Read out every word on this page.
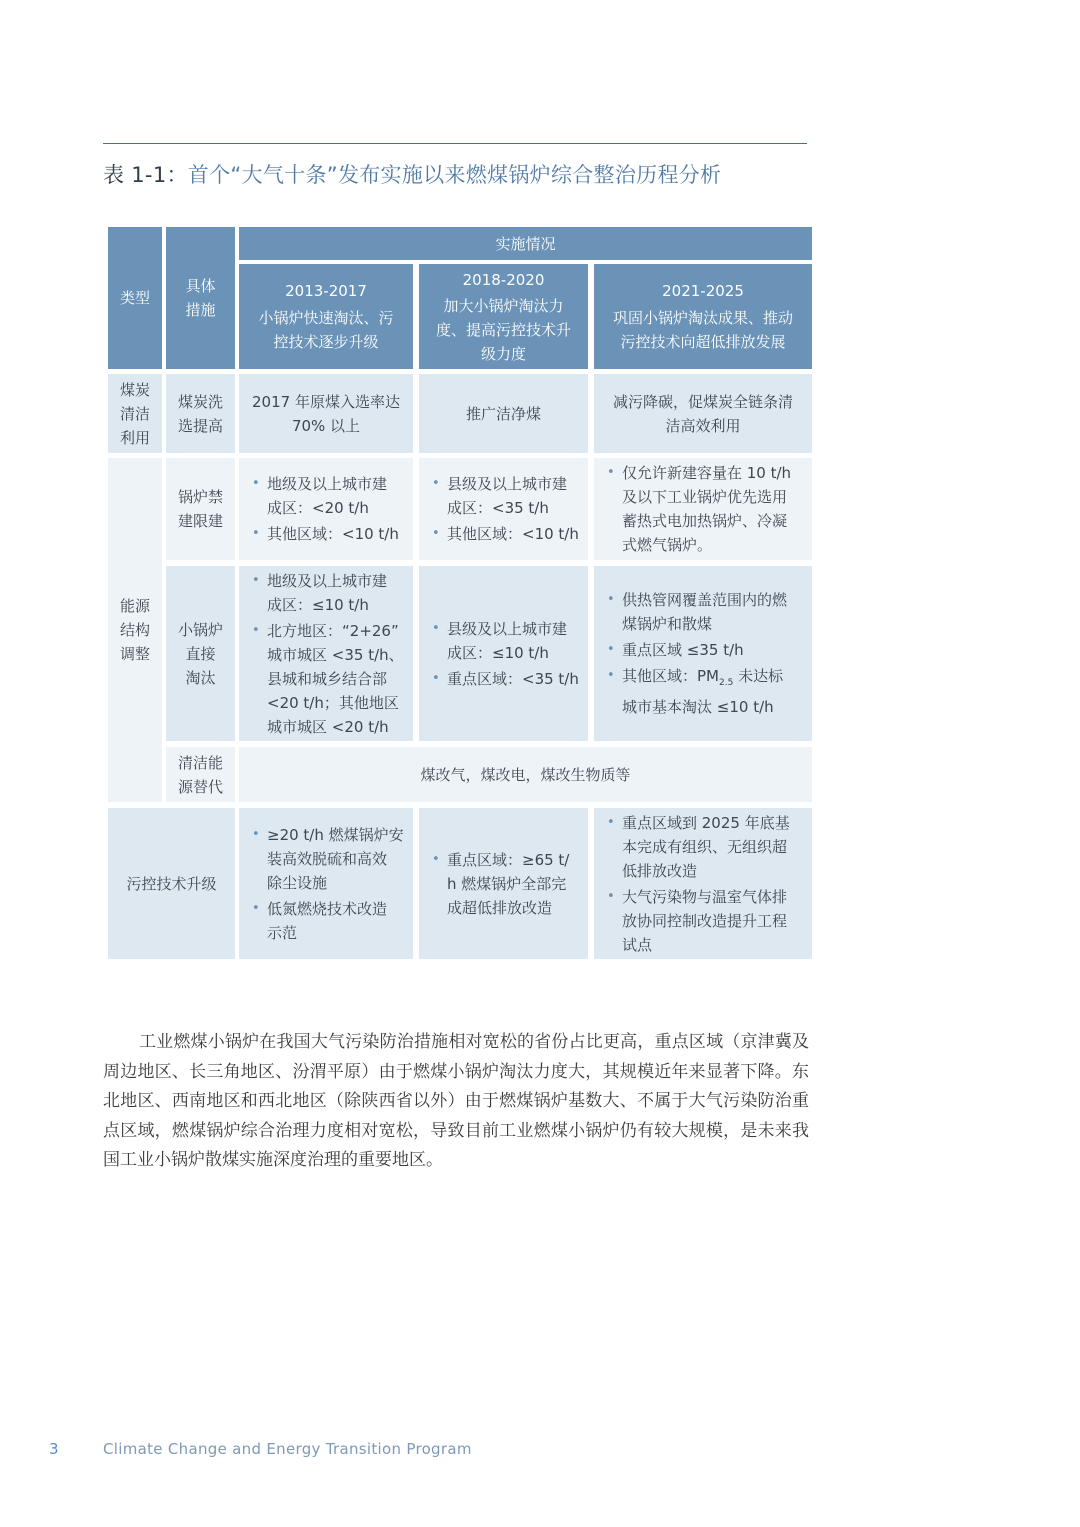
表 1-1：首个“大气十条”发布实施以来燃煤锅炉综合整治历程分析
类型
具体
措施
实施情况
2013-2017
小锅炉快速淘汰、污
控技术逐步升级
2018-2020
加大小锅炉淘汰力
度、提高污控技术升
级力度
2021-2025
巩固小锅炉淘汰成果、推动
污控技术向超低排放发展
煤炭
清洁
利用
煤炭洗
选提高
2017 年原煤入选率达
70% 以上
推广洁净煤
减污降碳，促煤炭全链条清
洁高效利用
能源
结构
调整
锅炉禁
建限建
• 地级及以上城市建
成区：<20 t/h
• 其他区域：<10 t/h
• 县级及以上城市建
成区：<35 t/h
• 其他区域：<10 t/h
• 仅允许新建容量在 10 t/h
及以下工业锅炉优先选用
蓄热式电加热锅炉、冷凝
式燃气锅炉。
小锅炉
直接
淘汰
• 地级及以上城市建
成区：≤10 t/h
• 北方地区：“2+26”
城市城区 <35 t/h、
县城和城乡结合部
<20 t/h；其他地区
城市城区 <20 t/h
• 县级及以上城市建
成区：≤10 t/h
• 重点区域：<35 t/h
• 供热管网覆盖范围内的燃
煤锅炉和散煤
• 重点区域 ≤35 t/h
• 其他区域：$PM_{2.5}$ 未达标
城市基本淘汰 ≤10 t/h
清洁能
源替代
煤改气，煤改电，煤改生物质等
污控技术升级
• ≥20 t/h 燃煤锅炉安
装高效脱硫和高效
除尘设施
• 低氮燃烧技术改造
示范
• 重点区域：≥65 t/
h 燃煤锅炉全部完
成超低排放改造
• 重点区域到 2025 年底基
本完成有组织、无组织超
低排放改造
• 大气污染物与温室气体排
放协同控制改造提升工程
试点

工业燃煤小锅炉在我国大气污染防治措施相对宽松的省份占比更高，重点区域（京津冀及周边地区、长三角地区、汾渭平原）由于燃煤小锅炉淘汰力度大，其规模近年来显著下降。东北地区、西南地区和西北地区（除陕西省以外）由于燃煤锅炉基数大、不属于大气污染防治重点区域，燃煤锅炉综合治理力度相对宽松，导致目前工业燃煤小锅炉仍有较大规模，是未来我国工业小锅炉散煤实施深度治理的重要地区。

3	Climate Change and Energy Transition Program
